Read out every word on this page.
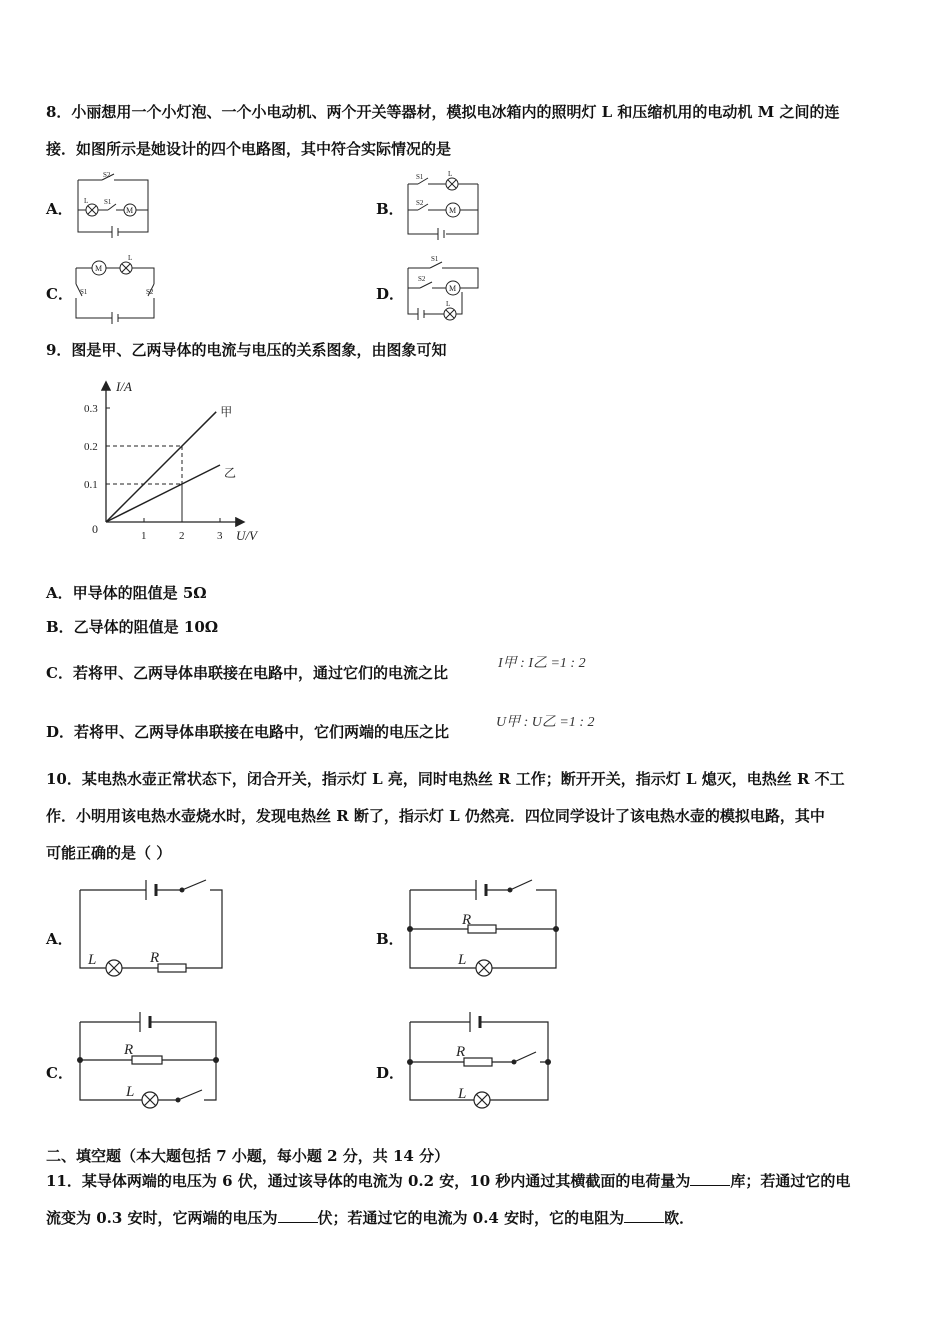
8．小丽想用一个小灯泡、一个小电动机、两个开关等器材，模拟电冰箱内的照明灯 L 和压缩机用的电动机 M 之间的连
接．如图所示是她设计的四个电路图，其中符合实际情况的是
A．
S2
L S1
M	B．
S1	L
S2
M
C．
M
L
S1	S2	D．
S1
S2
M
L
9．图是甲、乙两导体的电流与电压的关系图象，由图象可知
I/A
U/V
0
0.1
0.2
0.3
1	2	3
甲
乙
A．甲导体的阻值是 5Ω
B．乙导体的阻值是 10Ω
C．若将甲、乙两导体串联接在电路中，通过它们的电流之比
I甲 : I乙 =1 : 2
D．若将甲、乙两导体串联接在电路中，它们两端的电压之比
U甲 : U乙 =1 : 2
10．某电热水壶正常状态下，闭合开关，指示灯 L 亮，同时电热丝 R 工作；断开开关，指示灯 L 熄灭，电热丝 R 不工
作．小明用该电热水壶烧水时，发现电热丝 R 断了，指示灯 L 仍然亮．四位同学设计了该电热水壶的模拟电路，其中
可能正确的是（ ）
A．
L	R
B．
R
L
C．
R
L
D．
R
L
二、填空题（本大题包括 7 小题，每小题 2 分，共 14 分）
11．某导体两端的电压为 6 伏，通过该导体的电流为 0.2 安，10 秒内通过其横截面的电荷量为	库；若通过它的电
流变为 0.3 安时，它两端的电压为	伏；若通过它的电流为 0.4 安时，它的电阻为	欧．
